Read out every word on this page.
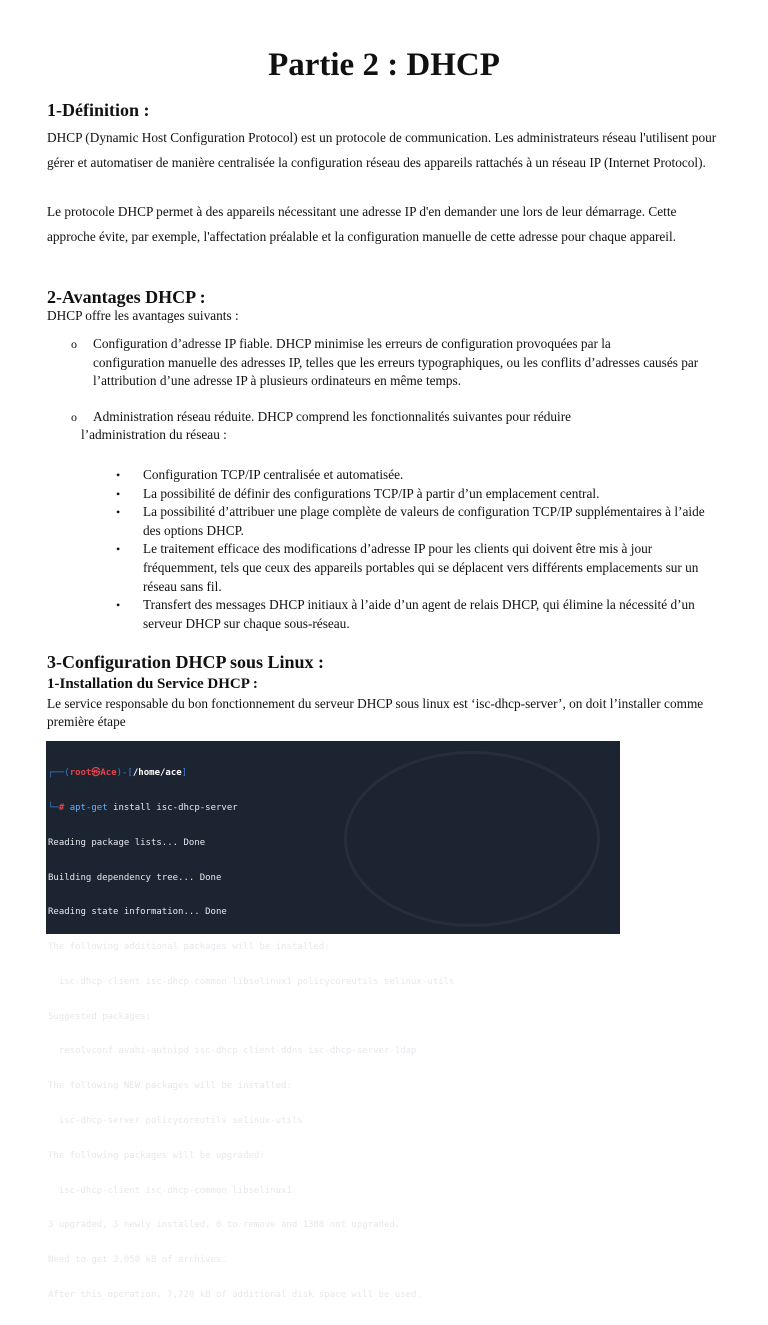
Partie 2 : DHCP
1-Définition :
DHCP (Dynamic Host Configuration Protocol) est un protocole de communication. Les administrateurs réseau l'utilisent pour gérer et automatiser de manière centralisée la configuration réseau des appareils rattachés à un réseau IP (Internet Protocol).
Le protocole DHCP permet à des appareils nécessitant une adresse IP d'en demander une lors de leur démarrage. Cette approche évite, par exemple, l'affectation préalable et la configuration manuelle de cette adresse pour chaque appareil.
2-Avantages DHCP :
DHCP offre les avantages suivants :
o	Configuration d’adresse IP fiable. DHCP minimise les erreurs de configuration provoquées par la
configuration manuelle des adresses IP, telles que les erreurs typographiques, ou les conflits d’adresses causés par l’attribution d’une adresse IP à plusieurs ordinateurs en même temps.
o	Administration réseau réduite. DHCP comprend les fonctionnalités suivantes pour réduire
l’administration du réseau :
• Configuration TCP/IP centralisée et automatisée.
• La possibilité de définir des configurations TCP/IP à partir d’un emplacement central.
• La possibilité d’attribuer une plage complète de valeurs de configuration TCP/IP supplémentaires à l’aide des options DHCP.
• Le traitement efficace des modifications d’adresse IP pour les clients qui doivent être mis à jour fréquemment, tels que ceux des appareils portables qui se déplacent vers différents emplacements sur un réseau sans fil.
• Transfert des messages DHCP initiaux à l’aide d’un agent de relais DHCP, qui élimine la nécessité d’un serveur DHCP sur chaque sous-réseau.
3-Configuration DHCP sous Linux :
1-Installation du Service DHCP :
Le service responsable du bon fonctionnement du serveur DHCP sous linux est ‘isc-dhcp-server’, on doit l’installer comme première étape

┌──(root㉿Ace)-[/home/ace]

└─# apt-get install isc-dhcp-server

Reading package lists... Done

Building dependency tree... Done

Reading state information... Done

The following additional packages will be installed:

isc-dhcp-client isc-dhcp-common libselinux1 policycoreutils selinux-utils

Suggested packages:

resolvconf avahi-autoipd isc-dhcp-client-ddns isc-dhcp-server-ldap

The following NEW packages will be installed:

isc-dhcp-server policycoreutils selinux-utils

The following packages will be upgraded:

isc-dhcp-client isc-dhcp-common libselinux1

3 upgraded, 3 newly installed, 0 to remove and 1308 not upgraded.

Need to get 3,050 kB of archives.

After this operation, 7,720 kB of additional disk space will be used.
